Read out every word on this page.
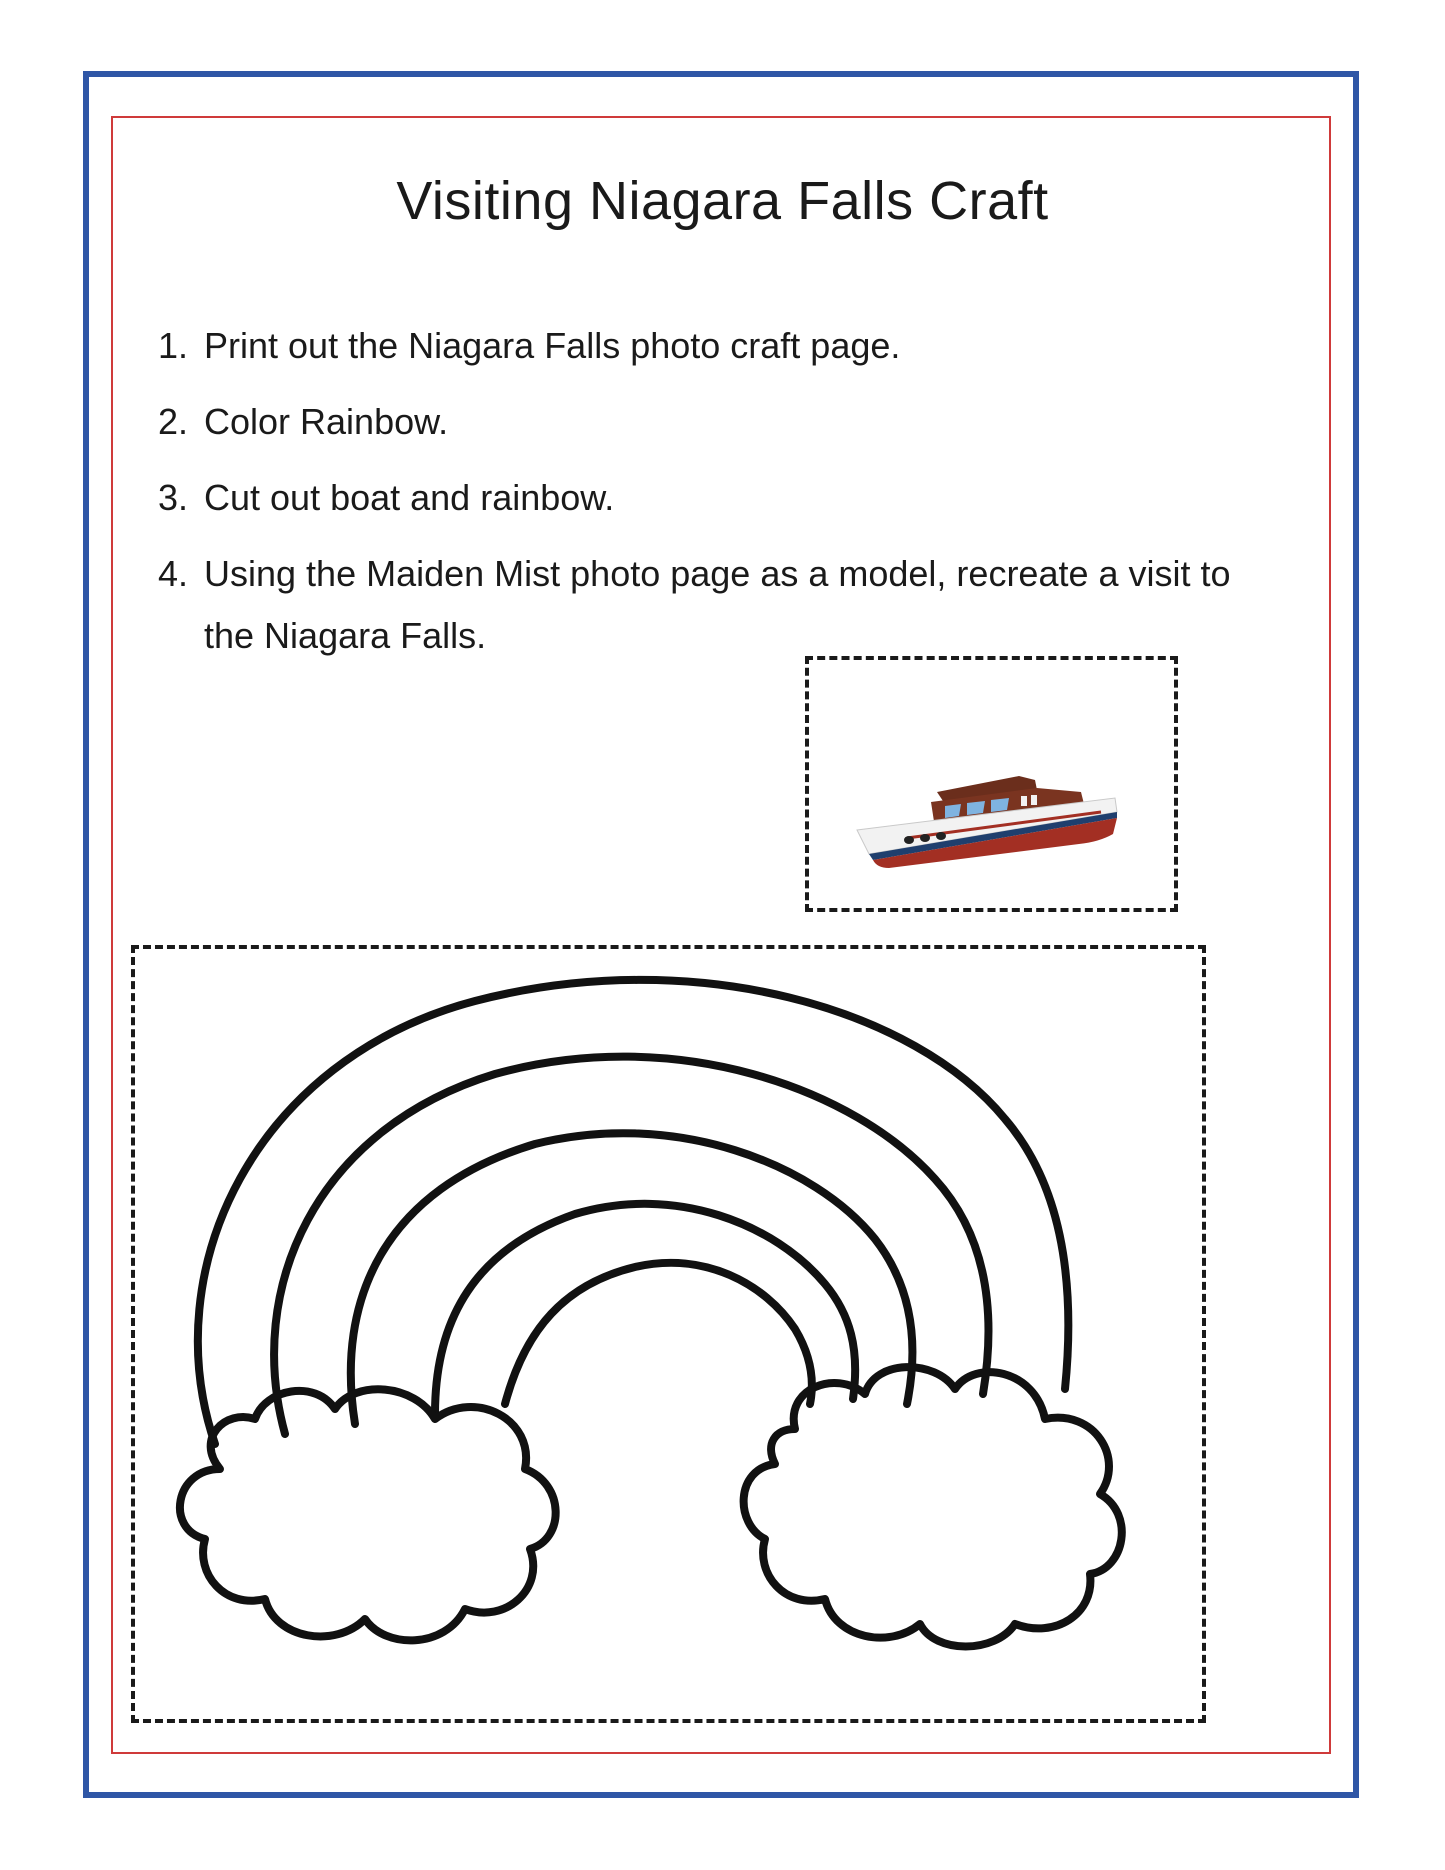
Visiting Niagara Falls Craft
1. Print out the Niagara Falls photo craft page.
2. Color Rainbow.
3. Cut out boat and rainbow.
4. Using the Maiden Mist photo page as a model, recreate a visit to the Niagara Falls.
